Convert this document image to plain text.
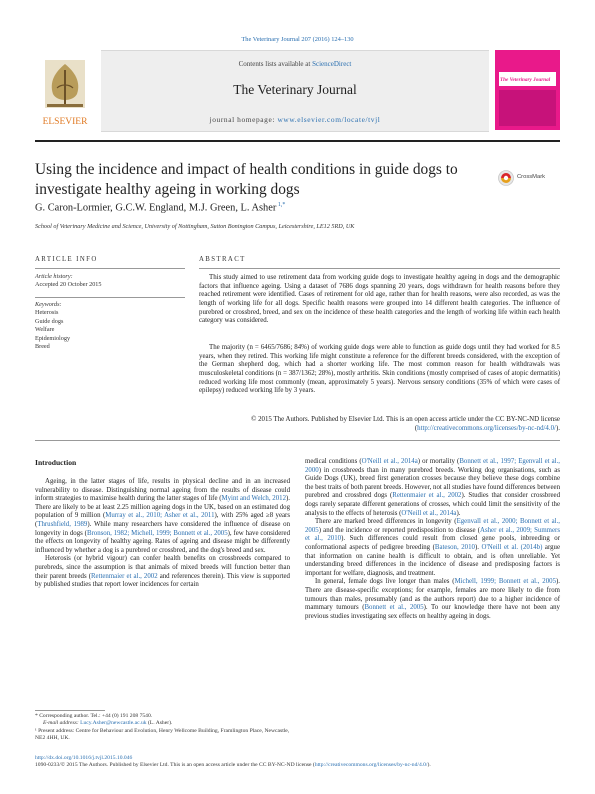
The Veterinary Journal 207 (2016) 124–130
ELSEVIER
Contents lists available at ScienceDirect
The Veterinary Journal
journal homepage: www.elsevier.com/locate/tvjl
The Veterinary Journal
Using the incidence and impact of health conditions in guide dogs to investigate healthy ageing in working dogs
CrossMark
G. Caron-Lormier, G.C.W. England, M.J. Green, L. Asher $^{1,*}$
School of Veterinary Medicine and Science, University of Nottingham, Sutton Bonington Campus, Leicestershire, LE12 5RD, UK
ARTICLE INFO	ABSTRACT
Article history:
Accepted 20 October 2015
Keywords:
Heterosis
Guide dogs
Welfare
Epidemiology
Breed
This study aimed to use retirement data from working guide dogs to investigate healthy ageing in dogs and the demographic factors that influence ageing. Using a dataset of 7686 dogs spanning 20 years, dogs withdrawn for health reasons before they reached retirement were identified. Cases of retirement for old age, rather than for health reasons, were also recorded, as was the length of working life for all dogs. Specific health reasons were grouped into 14 different health categories. The influence of purebred or crossbred, breed, and sex on the incidence of these health categories and the length of working life within each health category was considered.
The majority (n = 6465/7686; 84%) of working guide dogs were able to function as guide dogs until they had worked for 8.5 years, when they retired. This working life might constitute a reference for the different breeds considered, with the exception of the German shepherd dog, which had a shorter working life. The most common reason for health withdrawals was musculoskeletal conditions (n = 387/1362; 28%), mostly arthritis. Skin conditions (mostly comprised of cases of atopic dermatitis) reduced working life most commonly (mean, approximately 5 years). Nervous sensory conditions (35% of which were cases of epilepsy) reduced working life by 3 years.
© 2015 The Authors. Published by Elsevier Ltd. This is an open access article under the CC BY-NC-ND license (http://creativecommons.org/licenses/by-nc-nd/4.0/).
Introduction

Ageing, in the latter stages of life, results in physical decline and in an increased vulnerability to disease. Distinguishing normal ageing from the results of disease could inform strategies to maximise health during the latter stages of life (Myint and Welch, 2012). There are likely to be at least 2.25 million ageing dogs in the UK, based on an estimated dog population of 9 million (Murray et al., 2010; Asher et al., 2011), with 25% aged ≥8 years (Thrushfield, 1989). While many researchers have considered the influence of disease on longevity in dogs (Bronson, 1982; Michell, 1999; Bonnett et al., 2005), few have considered the effects on longevity of healthy ageing. Rates of ageing and disease might be differently influenced by whether a dog is a purebred or crossbred, and the dog's breed and sex.

Heterosis (or hybrid vigour) can confer health benefits on crossbreeds compared to purebreds, since the assumption is that animals of mixed breeds will function better than their parent breeds (Rettenmaier et al., 2002 and references therein). This view is supported by published studies that report lower incidences for certain

medical conditions (O'Neill et al., 2014a) or mortality (Bonnett et al., 1997; Egenvall et al., 2000) in crossbreeds than in many purebred breeds. Working dog organisations, such as Guide Dogs (UK), breed first generation crosses because they believe these dogs combine the best traits of both parent breeds. However, not all studies have found differences between purebred and crossbred dogs (Rettenmaier et al., 2002). Studies that consider crossbreed dogs rarely separate different generations of crosses, which could limit the sensitivity of the analysis to the effects of heterosis (O'Neill et al., 2014a).

There are marked breed differences in longevity (Egenvall et al., 2000; Bonnett et al., 2005) and the incidence or reported predisposition to disease (Asher et al., 2009; Summers et al., 2010). Such differences could result from closed gene pools, inbreeding or conformational aspects of pedigree breeding (Bateson, 2010). O'Neill et al. (2014b) argue that information on canine health is difficult to obtain, and is often unreliable. Yet understanding breed differences in the incidence of disease and predisposing factors is important for welfare, diagnosis, and treatment.

In general, female dogs live longer than males (Michell, 1999; Bonnett et al., 2005). There are disease-specific exceptions; for example, females are more likely to die from tumours than males, presumably (and as the authors report) due to a higher incidence of mammary tumours (Bonnett et al., 2005). To our knowledge there have not been any previous studies investigating sex effects on healthy ageing in dogs.

* Corresponding author. Tel.: +44 (0) 191 208 7540.
E-mail address: Lucy.Asher@newcastle.ac.uk (L. Asher).
¹ Present address: Centre for Behaviour and Evolution, Henry Wellcome Building, Framlington Place, Newcastle, NE2 4HH, UK.
http://dx.doi.org/10.1016/j.tvjl.2015.10.046
1090-0233/© 2015 The Authors. Published by Elsevier Ltd. This is an open access article under the CC BY-NC-ND license (http://creativecommons.org/licenses/by-nc-nd/4.0/).
